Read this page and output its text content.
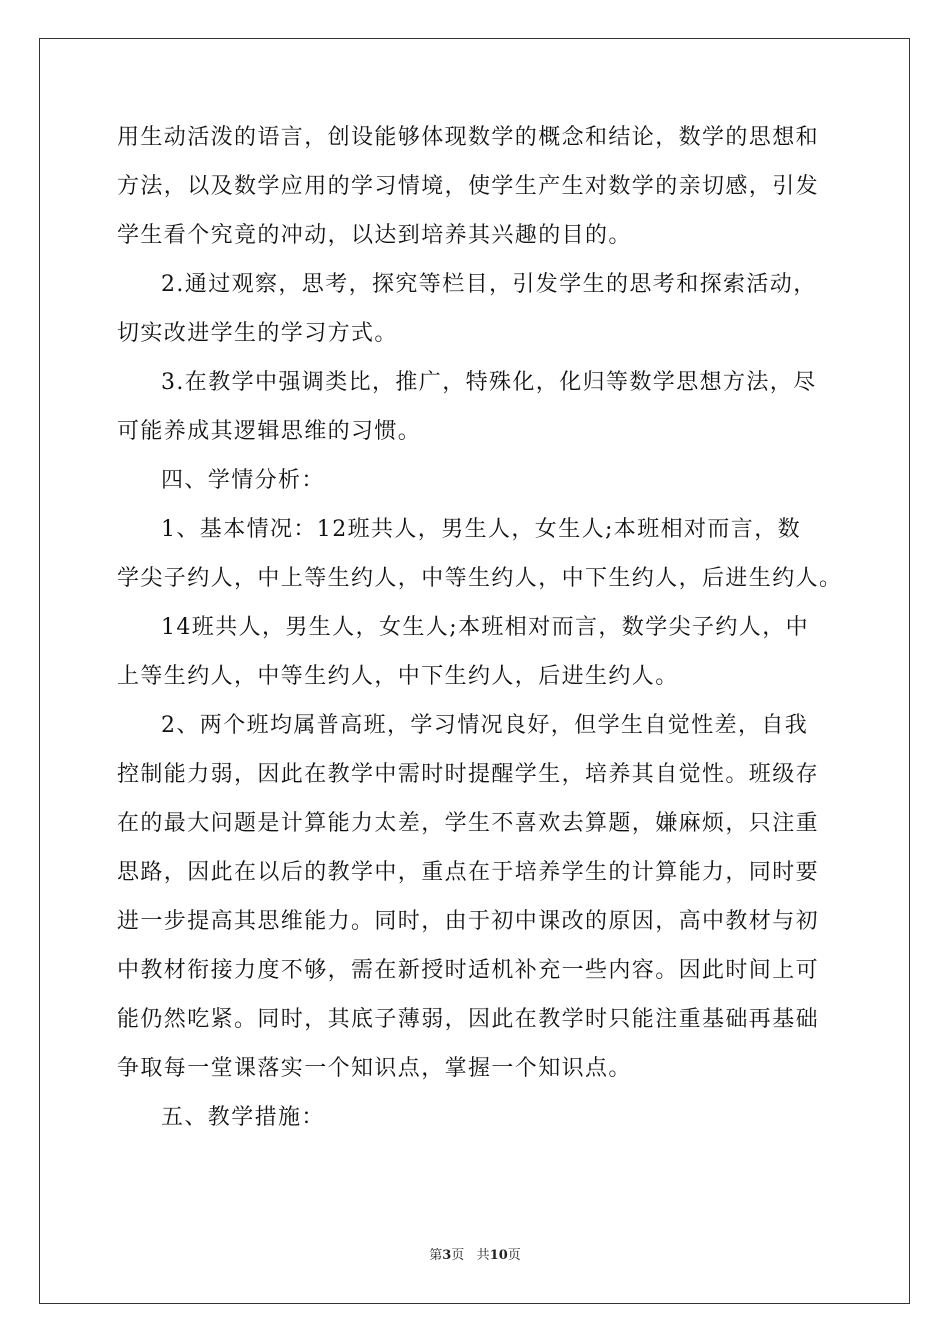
用生动活泼的语言，创设能够体现数学的概念和结论，数学的思想和
方法，以及数学应用的学习情境，使学生产生对数学的亲切感，引发
学生看个究竟的冲动，以达到培养其兴趣的目的。
2.通过观察，思考，探究等栏目，引发学生的思考和探索活动，
切实改进学生的学习方式。
3.在教学中强调类比，推广，特殊化，化归等数学思想方法，尽
可能养成其逻辑思维的习惯。
四、学情分析：
1、基本情况：12班共人，男生人，女生人;本班相对而言，数
学尖子约人，中上等生约人，中等生约人，中下生约人，后进生约人。
14班共人，男生人，女生人;本班相对而言，数学尖子约人，中
上等生约人，中等生约人，中下生约人，后进生约人。
2、两个班均属普高班，学习情况良好，但学生自觉性差，自我
控制能力弱，因此在教学中需时时提醒学生，培养其自觉性。班级存
在的最大问题是计算能力太差，学生不喜欢去算题，嫌麻烦，只注重
思路，因此在以后的教学中，重点在于培养学生的计算能力，同时要
进一步提高其思维能力。同时，由于初中课改的原因，高中教材与初
中教材衔接力度不够，需在新授时适机补充一些内容。因此时间上可
能仍然吃紧。同时，其底子薄弱，因此在教学时只能注重基础再基础
争取每一堂课落实一个知识点，掌握一个知识点。
五、教学措施：
第3页 共10页
